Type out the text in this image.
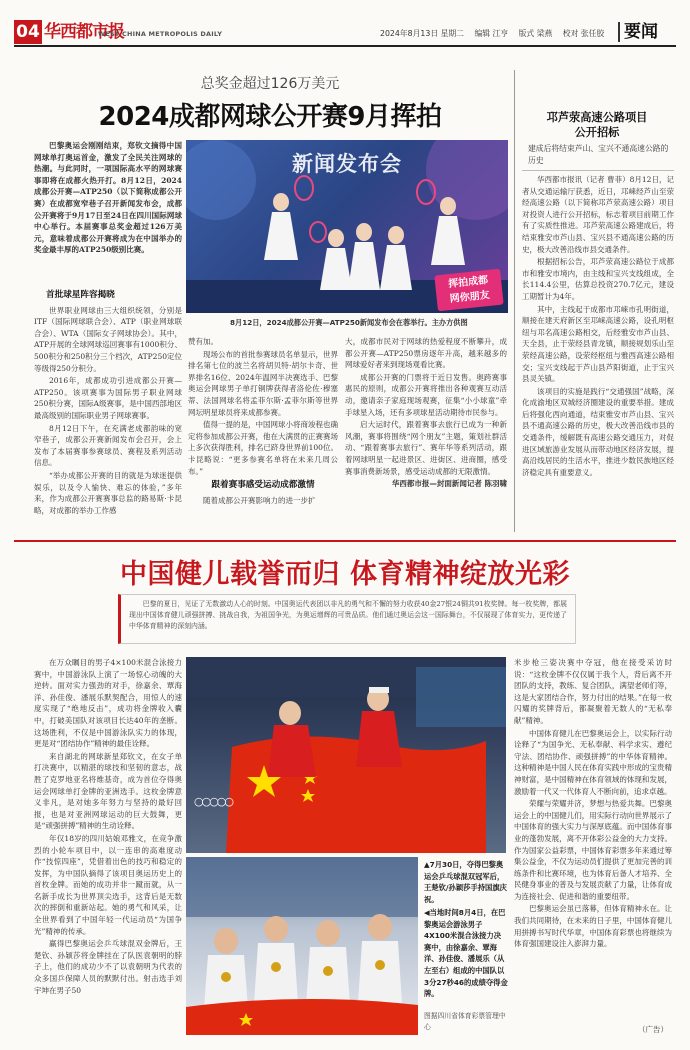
04 华西都市报
WEST CHINA METROPOLIS DAILY	2024年8月13日 星期二 编辑 江亨 版式 梁燕 校对 张任胶 要闻
总奖金超过126万美元
2024成都网球公开赛9月挥拍

巴黎奥运会刚刚结束，郑钦文摘得中国网球单打奥运首金，激发了全民关注网球的热潮。与此同时，一项国际高水平的网球赛事即将在成都火热开打。8月12日，2024成都公开赛—ATP250（以下简称成都公开赛）在成都宽窄巷子召开新闻发布会，成都公开赛将于9月17日至24日在四川国际网球中心举行。本届赛事总奖金超过126万美元，意味着成都公开赛将成为在中国举办的奖金最丰厚的ATP250级别比赛。

新闻发布会
挥拍成都
网你朋友
8月12日，2024成都公开赛—ATP250新闻发布会在蓉举行。主办方供图
首批球星阵容揭晓

世界职业网球由三大组织统领，分别是ITF（国际网球联合会）、ATP（职业网球联合会）、WTA（国际女子网球协会）。其中，ATP开展的全球网球巡回赛事有1000积分、500积分和250积分三个档次，ATP250定位等级得250分积分。

2016年，成都成功引进成都公开赛—ATP250。该项赛事为国际男子职业网球250积分赛，国际A级赛事，是中国西部地区最高级别的国际职业男子网球赛事。

8月12日下午，在充满老成都韵味的宽窄巷子，成都公开赛新闻发布会召开，会上发布了本届赛事参赛球员、赛程及系列活动信息。

“举办成都公开赛的目的就是为球迷提供娱乐，以及令人愉快、难忘的体验，”多年来，作为成都公开赛赛事总监的路易斯·卡昆略，对成都的举办工作感

赞有加。

现场公布的首批参赛球员名单显示，世界排名第七位的波兰名将胡贝特·胡尔卡奇、世界排名16位、2024年温网半决赛选手、巴黎奥运会网球男子单打铜牌获得者洛伦佐·穆塞蒂、法国网球名将孟菲尔斯·孟菲尔斯等世界网坛明星球员将来成都参赛。

值得一提的是，中国网球小将商竣程也确定将参加成都公开赛，他在大满贯的正赛赛场上多次获得胜利，排名已跻身世界前100位。卡昆略说：“更多参赛名单将在未来几周公布。”

跟着赛事感受运动成都激情

随着成都公开赛影响力的进一步扩

大，成都市民对于网球的热爱程度不断攀升，成都公开赛—ATP250票房逐年升高，越来越多的网球爱好者来到现场观看比赛。

成都公开赛的门票将于近日发售。奥跨赛事惠民的原则，成都公开赛将推出各种观赛互动活动，邀请亲子家庭现场观赛，征集“小小球童”牵手球星入场，还有多项球星活动期待市民参与。

启大运时代，跟着赛事去旅行已成为一种新风潮，赛事将围绕“网个朋友”主题，策划社群活动、“跟着赛事去旅行”、赛年华等系列活动，跟着网球明星一起进景区、进街区、进商圈，感受赛事消费新场景，感受运动成都的无限激情。

华西都市报—封面新闻记者 陈羽啸
邛芦荥高速公路项目
公开招标
建成后将结束芦山、宝兴不通高速公路的历史

华西都市报讯（记者 曹菲）8月12日，记者从交通运输厅获悉，近日，邛崃经芦山至荥经高速公路（以下简称邛芦荥高速公路）项目对投资人进行公开招标，标志着项目前期工作有了实质性推进。邛芦荥高速公路建成后，将结束雅安市芦山县、宝兴县不通高速公路的历史，极大改善沿线市县交通条件。

根据招标公告，邛芦荥高速公路位于成都市和雅安市境内，由主线和宝兴支线组成，全长114.4公里，估算总投资270.7亿元，建设工期暂计为4年。

其中，主线起于成都市邛崃市孔明街道，顺接在建天府新区至邛崃高速公路，设孔明枢纽与邛名高速公路相交，后经雅安市芦山县、天全县，止于荥经县青龙镇，顺接规划乐山至荥经高速公路，设荥经枢纽与雅西高速公路相交；宝兴支线起于芦山县芦阳街道，止于宝兴县灵关镇。

该项目的实施是践行“交通强国”战略，深化成渝地区双城经济圈建设的重要举措。建成后将强化西向通道，结束雅安市芦山县、宝兴县不通高速公路的历史，极大改善沿线市县的交通条件，缓解既有高速公路交通压力，对促进区域旅游业发展从而带动地区经济发展，提高沿线居民的生活水平，推进少数民族地区经济稳定具有重要意义。

中国健儿载誉而归 体育精神绽放光彩
巴黎的夏日，见证了无数激动人心的时刻。中国奥运代表团以非凡的勇气和不懈的努力收获40金27银24铜共91枚奖牌。每一枚奖牌，都展现出中国体育健儿顽强拼搏、挑战自我，为祖国争光，为奥运增辉的可贵品质。他们通过奥运会这一国际舞台，不仅展现了体育实力，更传递了中华体育精神的深刻内涵。

在万众瞩目的男子4×100米混合泳接力赛中，中国游泳队上演了一场惊心动魄的大逆转。面对实力强劲的对手，徐嘉余、覃海洋、孙佳俊、潘展乐默契配合，用惊人的速度实现了“绝地反击”，成功将金牌收入囊中，打破美国队对该项目长达40年的垄断。这场胜利，不仅是中国游泳队实力的体现，更是对“团结协作”精神的最佳诠释。

来自湖北的网球新星郑钦文，在女子单打决赛中，以精湛的球技和坚韧的意志，战胜了克罗地亚名将维基奇，成为首位夺得奥运会网球单打金牌的亚洲选手。这枚金牌意义非凡，是对她多年努力与坚持的最好回报，也是对亚洲网球运动的巨大鼓舞，更是“顽强拼搏”精神的生动诠释。

年仅18岁的四川姑娘邓雅文，在竞争激烈的小轮车项目中，以一连串的高难度动作“技惊四座”，凭借着出色的技巧和稳定的发挥，为中国队摘得了该项目奥运历史上的首枚金牌。而她的成功并非一蹴而就，从一名新手成长为世界顶尖选手，这背后是无数次的摔倒和重新站起。她的勇气和风采，让全世界看到了中国年轻一代运动员“为国争光”精神的传承。

赢得巴黎奥运会乒乓球混双金牌后，王楚钦、孙颖莎将金牌挂在了队医袁朝明的脖子上，他们的成功少不了以袁朝明为代表的众多国乒保障人员的默默付出。射击选手刘宇坤在男子50

○○○○○
▲7月30日，夺得巴黎奥运会乒乓球混双冠军后，王楚钦/孙颖莎手持国旗庆祝。
◀当地时间8月4日，在巴黎奥运会游泳男子4X100米混合泳接力决赛中，由徐嘉余、覃海洋、孙佳俊、潘展乐（从左至右）组成的中国队以3分27秒46的成绩夺得金牌。
图据四川省体育彩票管理中心

米步枪三姿决赛中夺冠，他在接受采访时说：“这枚金牌不仅仅属于我个人，背后离不开团队的支持，教练、复合团队，满望老师们等，这是大家团结合作，努力付出的结果。”在每一枚闪耀的奖牌背后，都凝聚着无数人的“无私奉献”精神。

中国体育健儿在巴黎奥运会上，以实际行动诠释了“为国争光、无私奉献、科学求实、遵纪守法、团结协作、顽强拼搏”的中华体育精神。这种精神是中国人民在体育实践中形成的宝贵精神财富，是中国精神在体育领域的体现和发展，激励着一代又一代体育人不断向前，追求卓越。

荣耀与荣耀并济，梦想与热爱共舞。巴黎奥运会上的中国健儿们，用实际行动向世界展示了中国体育的强大实力与深厚底蕴。而中国体育事业的蓬勃发展，离不开体彩公益金的大力支持。作为国家公益彩票，中国体育彩票多年来通过筹集公益金，不仅为运动员们提供了更加完善的训练条件和比赛环境，也为体育后备人才培养、全民健身事业的普及与发展贡献了力量，让体育成为连接社会、促进和谐的重要纽带。

巴黎奥运会虽已落幕，但体育精神永在。让我们共同期待，在未来的日子里，中国体育健儿用拼搏书写时代华章，中国体育彩票也将继续为体育强国建设注入澎湃力量。

（广告）
